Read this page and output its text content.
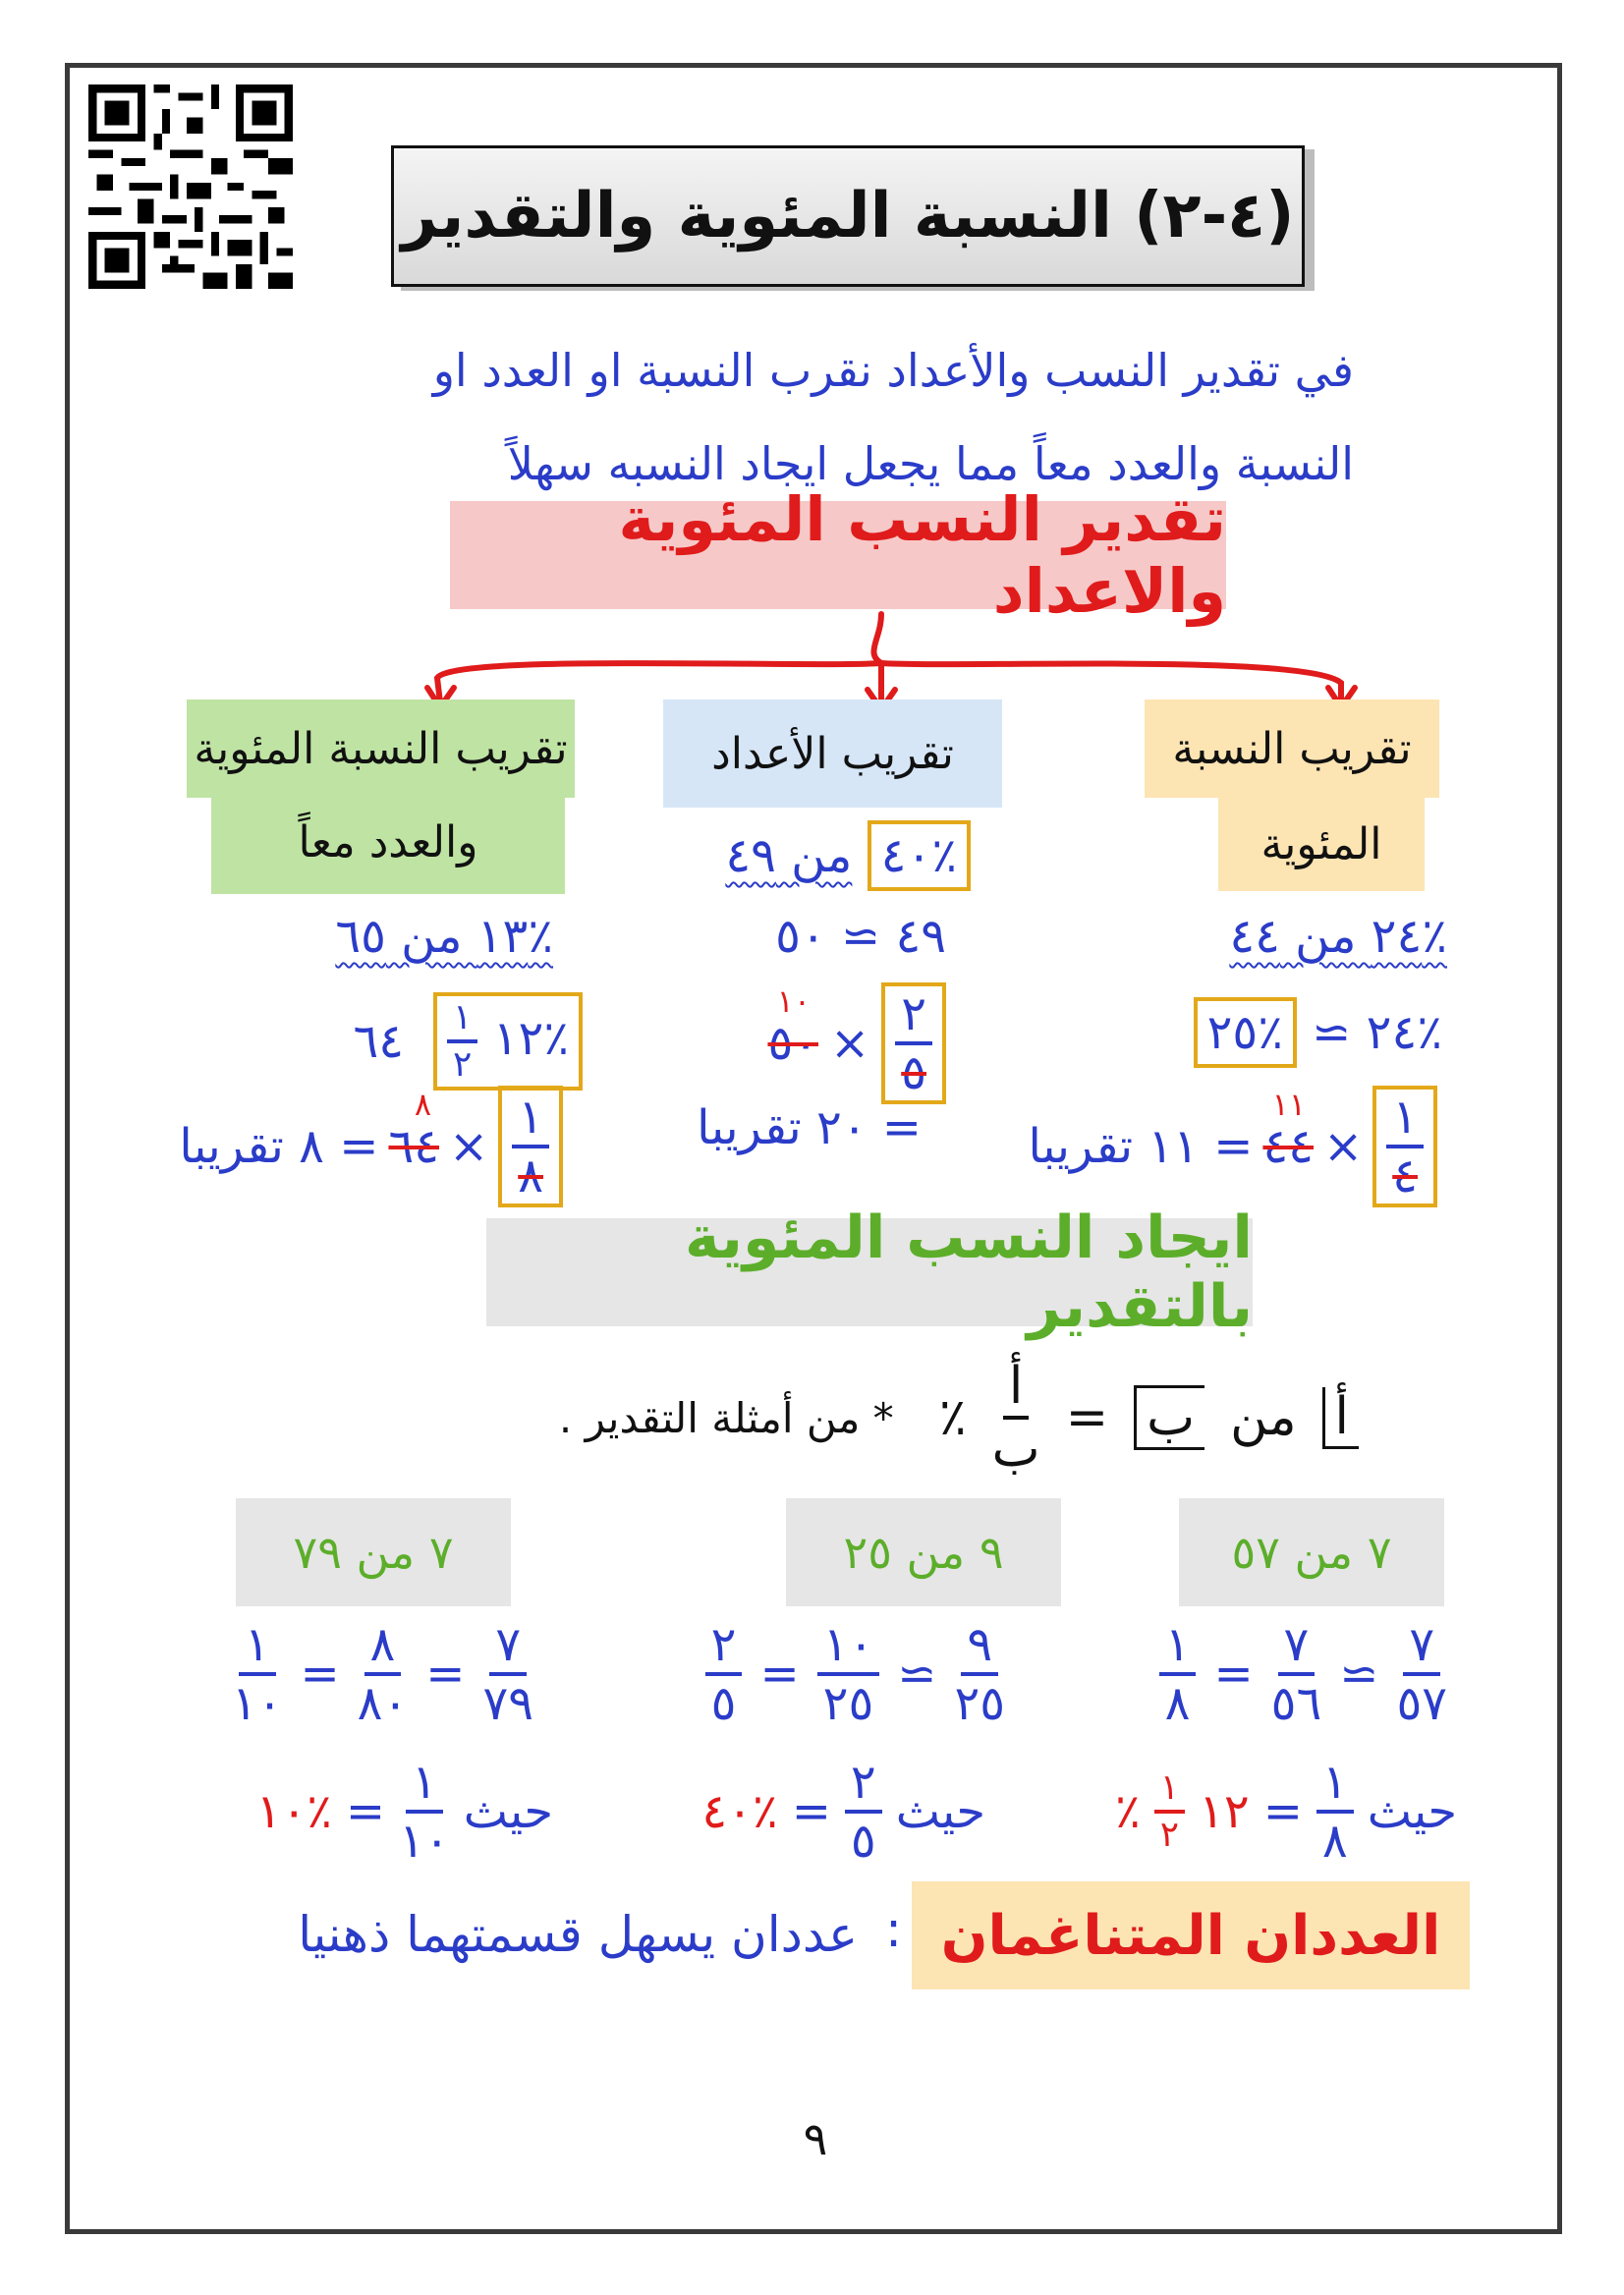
(٤-٢) النسبة المئوية والتقدير
في تقدير النسب والأعداد نقرب النسبة او العدد او
النسبة والعدد معاً مما يجعل ايجاد النسبه سهلاً
تقدير النسب المئوية والاعداد
تقريب النسبة
المئوية
تقريب الأعداد
تقريب النسبة المئوية
والعدد معاً
٪٢٤ من ٤٤
٪٢٤ ≃ ٪٢٥
$\frac{١}{٤}$
×
١١
٤٤
= ١١ تقريبا
٪٤٠ من ٤٩
٤٩ ≃ ٥٠
$\frac{٢}{٥}$
×
١٠
٥٠
= ٢٠ تقريبا
٪١٣ من ٦٥
٪١٢
$\frac{١}{٢}$
٦٤
$\frac{١}{٨}$
×
٨
٦٤
= ٨ تقريبا
ايجاد النسب المئوية بالتقدير
أ
من
ب
=
$\frac{\text{أ}}{\text{ب}}$
٪
* من أمثلة التقدير .
٧ من ٥٧
٩ من ٢٥
٧ من ٧٩
$\frac{٧}{٥٧}$
≃
$\frac{٧}{٥٦}$
=
$\frac{١}{٨}$
$\frac{٩}{٢٥}$
≃
$\frac{١٠}{٢٥}$
=
$\frac{٢}{٥}$
$\frac{٧}{٧٩}$
=
$\frac{٨}{٨٠}$
=
$\frac{١}{١٠}$
حيث
$\frac{١}{٨}$
=
١٢
$\frac{١}{٢}$
٪
حيث
$\frac{٢}{٥}$
=
٪٤٠
حيث
$\frac{١}{١٠}$
=
٪١٠
العددان المتناغمان
:
عددان يسهل قسمتهما ذهنيا
٩
